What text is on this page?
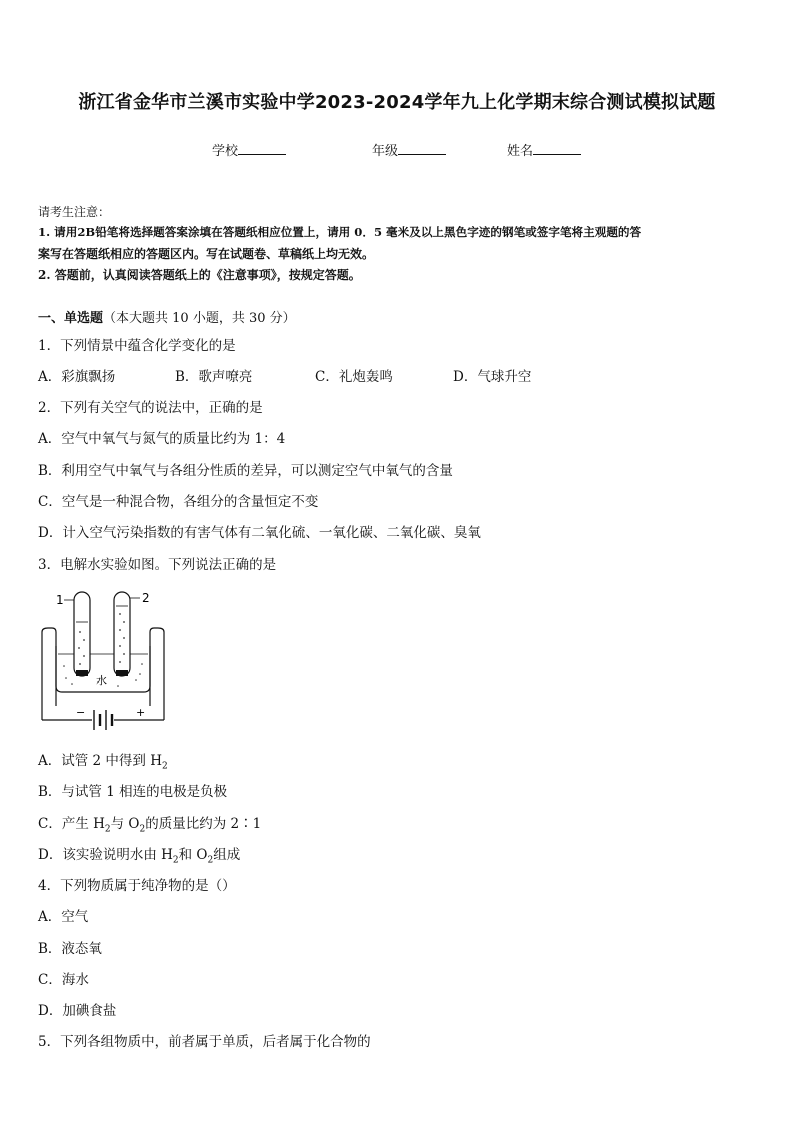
浙江省金华市兰溪市实验中学2023-2024学年九上化学期末综合测试模拟试题
学校	年级	姓名
请考生注意：
1. 请用2B铅笔将选择题答案涂填在答题纸相应位置上，请用 0．5 毫米及以上黑色字迹的钢笔或签字笔将主观题的答
案写在答题纸相应的答题区内。写在试题卷、草稿纸上均无效。
2. 答题前，认真阅读答题纸上的《注意事项》，按规定答题。
一、单选题（本大题共 10 小题，共 30 分）
1．下列情景中蕴含化学变化的是
A．彩旗飘扬	B．歌声嘹亮	C．礼炮轰鸣	D．气球升空
2．下列有关空气的说法中，正确的是
A．空气中氧气与氮气的质量比约为 1：4
B．利用空气中氧气与各组分性质的差异，可以测定空气中氧气的含量
C．空气是一种混合物，各组分的含量恒定不变
D．计入空气污染指数的有害气体有二氧化硫、一氧化碳、二氧化碳、臭氧
3．电解水实验如图。下列说法正确的是
1	2
水
−	+
A．试管 2 中得到 $H_2$
B．与试管 1 相连的电极是负极
C．产生 $H_2$与 $O_2$的质量比约为 2∶1
D．该实验说明水由 $H_2$和 $O_2$组成
4．下列物质属于纯净物的是（）
A．空气
B．液态氧
C．海水
D．加碘食盐
5．下列各组物质中，前者属于单质，后者属于化合物的
